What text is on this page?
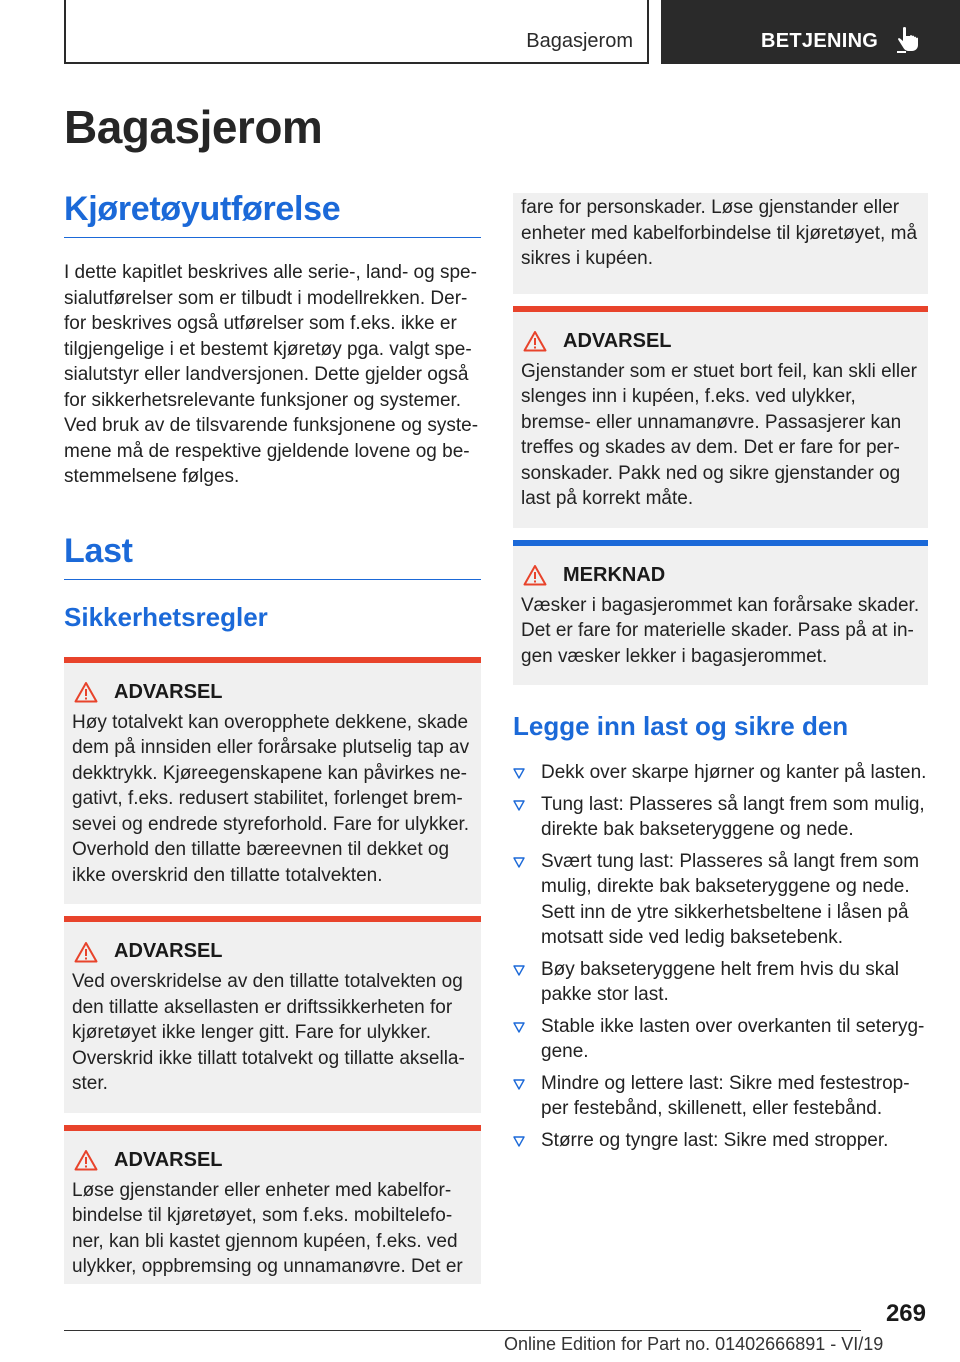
Bagasjerom	BETJENING
Bagasjerom
Kjøretøyutførelse

I dette kapitlet beskrives alle serie-, land- og spesialutførelser som er tilbudt i modellrekken. Derfor beskrives også utførelser som f.eks. ikke er tilgjengelige i et bestemt kjøretøy pga. valgt spesialutstyr eller landversjonen. Dette gjelder også for sikkerhetsrelevante funksjoner og systemer. Ved bruk av de tilsvarende funksjonene og systemene må de respektive gjeldende lovene og bestemmelsene følges.

Last
Sikkerhetsregler
ADVARSEL

Høy totalvekt kan overopphete dekkene, skade dem på innsiden eller forårsake plutselig tap av dekktrykk. Kjøreegenskapene kan påvirkes negativt, f.eks. redusert stabilitet, forlenget bremsevei og endrede styreforhold. Fare for ulykker. Overhold den tillatte bæreevnen til dekket og ikke overskrid den tillatte totalvekten.

ADVARSEL

Ved overskridelse av den tillatte totalvekten og den tillatte aksellasten er driftssikkerheten for kjøretøyet ikke lenger gitt. Fare for ulykker. Overskrid ikke tillatt totalvekt og tillatte aksellaster.

ADVARSEL

Løse gjenstander eller enheter med kabelforbindelse til kjøretøyet, som f.eks. mobiltelefoner, kan bli kastet gjennom kupéen, f.eks. ved ulykker, oppbremsing og unnamanøvre. Det er

fare for personskader. Løse gjenstander eller enheter med kabelforbindelse til kjøretøyet, må sikres i kupéen.

ADVARSEL

Gjenstander som er stuet bort feil, kan skli eller slenges inn i kupéen, f.eks. ved ulykker, bremse- eller unnamanøvre. Passasjerer kan treffes og skades av dem. Det er fare for personskader. Pakk ned og sikre gjenstander og last på korrekt måte.

MERKNAD

Væsker i bagasjerommet kan forårsake skader. Det er fare for materielle skader. Pass på at ingen væsker lekker i bagasjerommet.

Legge inn last og sikre den
Dekk over skarpe hjørner og kanter på lasten.
Tung last: Plasseres så langt frem som mulig, direkte bak bakseteryggene og nede.
Svært tung last: Plasseres så langt frem som mulig, direkte bak bakseteryggene og nede. Sett inn de ytre sikkerhetsbeltene i låsen på motsatt side ved ledig baksetebenk.
Bøy bakseteryggene helt frem hvis du skal pakke stor last.
Stable ikke lasten over overkanten til seteryggene.
Mindre og lettere last: Sikre med festestropper festebånd, skillenett, eller festebånd.
Større og tyngre last: Sikre med stropper.
269
Online Edition for Part no. 01402666891 - VI/19
